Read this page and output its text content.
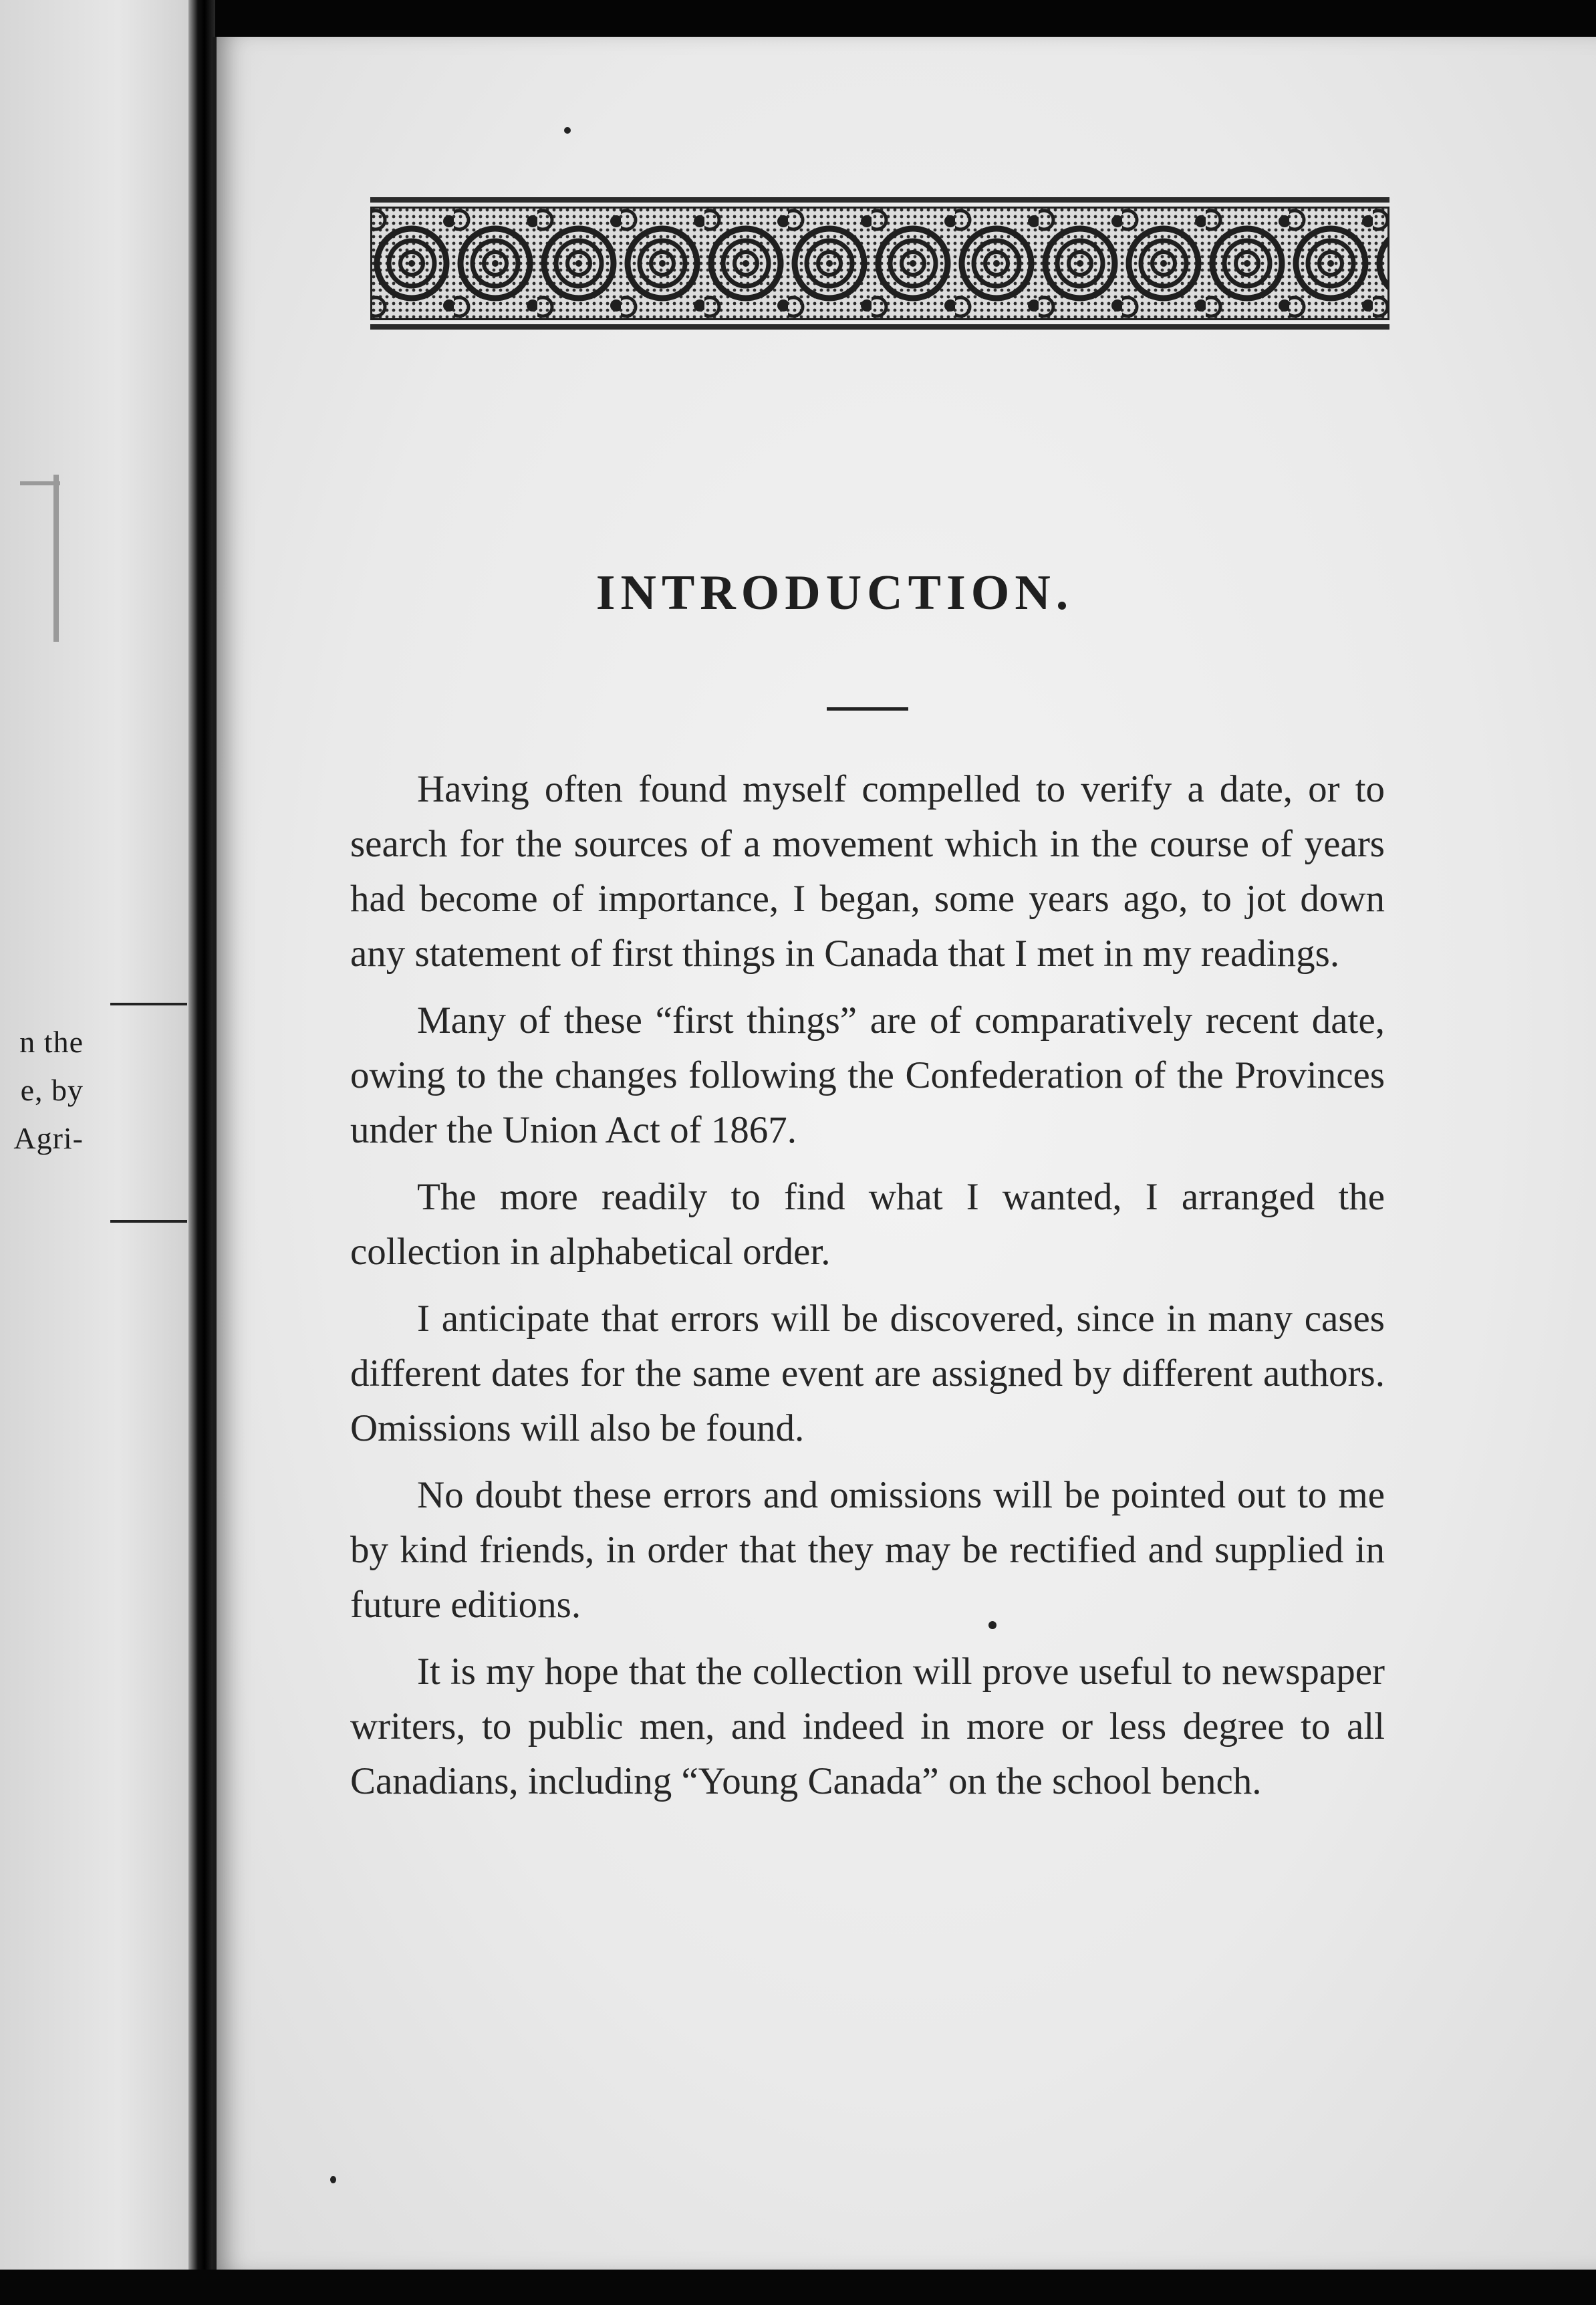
n the
e, by
Agri-
INTRODUCTION.

Having often found myself compelled to verify a date, or to search for the sources of a movement which in the course of years had become of importance, I began, some years ago, to jot down any statement of first things in Canada that I met in my readings.

Many of these “first things” are of comparatively recent date, owing to the changes following the Confederation of the Provinces under the Union Act of 1867.

The more readily to find what I wanted, I arranged the collection in alphabetical order.

I anticipate that errors will be discovered, since in many cases different dates for the same event are assigned by different authors. Omissions will also be found.

No doubt these errors and omissions will be pointed out to me by kind friends, in order that they may be rectified and supplied in future editions.

It is my hope that the collection will prove useful to newspaper writers, to public men, and indeed in more or less degree to all Canadians, including “Young Canada” on the school bench.
